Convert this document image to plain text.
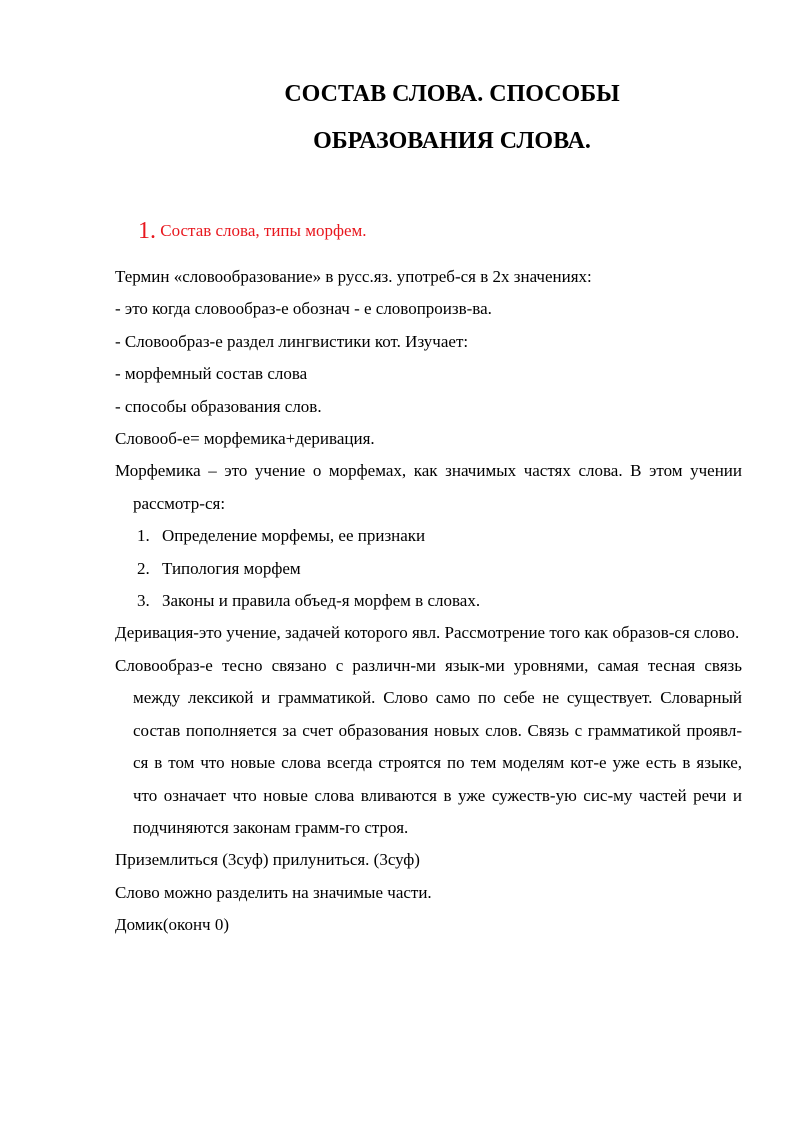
СОСТАВ СЛОВА. СПОСОБЫ
ОБРАЗОВАНИЯ СЛОВА.
1. Состав слова, типы морфем.

Термин «словообразование» в русс.яз. употреб-ся в 2х значениях:

- это когда словообраз-е обознач - е словопроизв-ва.

- Словообраз-е раздел лингвистики кот. Изучает:

- морфемный состав слова

- способы образования слов.

Словооб-е= морфемика+деривация.

Морфемика – это учение о морфемах, как значимых частях слова. В этом учении рассмотр-ся:

1. Определение морфемы, ее признаки
2. Типология морфем
3. Законы и правила объед-я морфем в словах.

Деривация-это учение, задачей которого явл. Рассмотрение того как образов-ся слово.

Словообраз-е тесно связано с различн-ми язык-ми уровнями, самая тесная связь между лексикой и грамматикой. Слово само по себе не существует. Словарный состав пополняется за счет образования новых слов. Связь с грамматикой проявл-ся в том что новые слова всегда строятся по тем моделям кот-е уже есть в языке, что означает что новые слова вливаются в уже сужеств-ую сис-му частей речи и подчиняются законам грамм-го строя.

Приземлиться (3суф) прилуниться. (3суф)

Слово можно разделить на значимые части.

Домик(оконч 0)
